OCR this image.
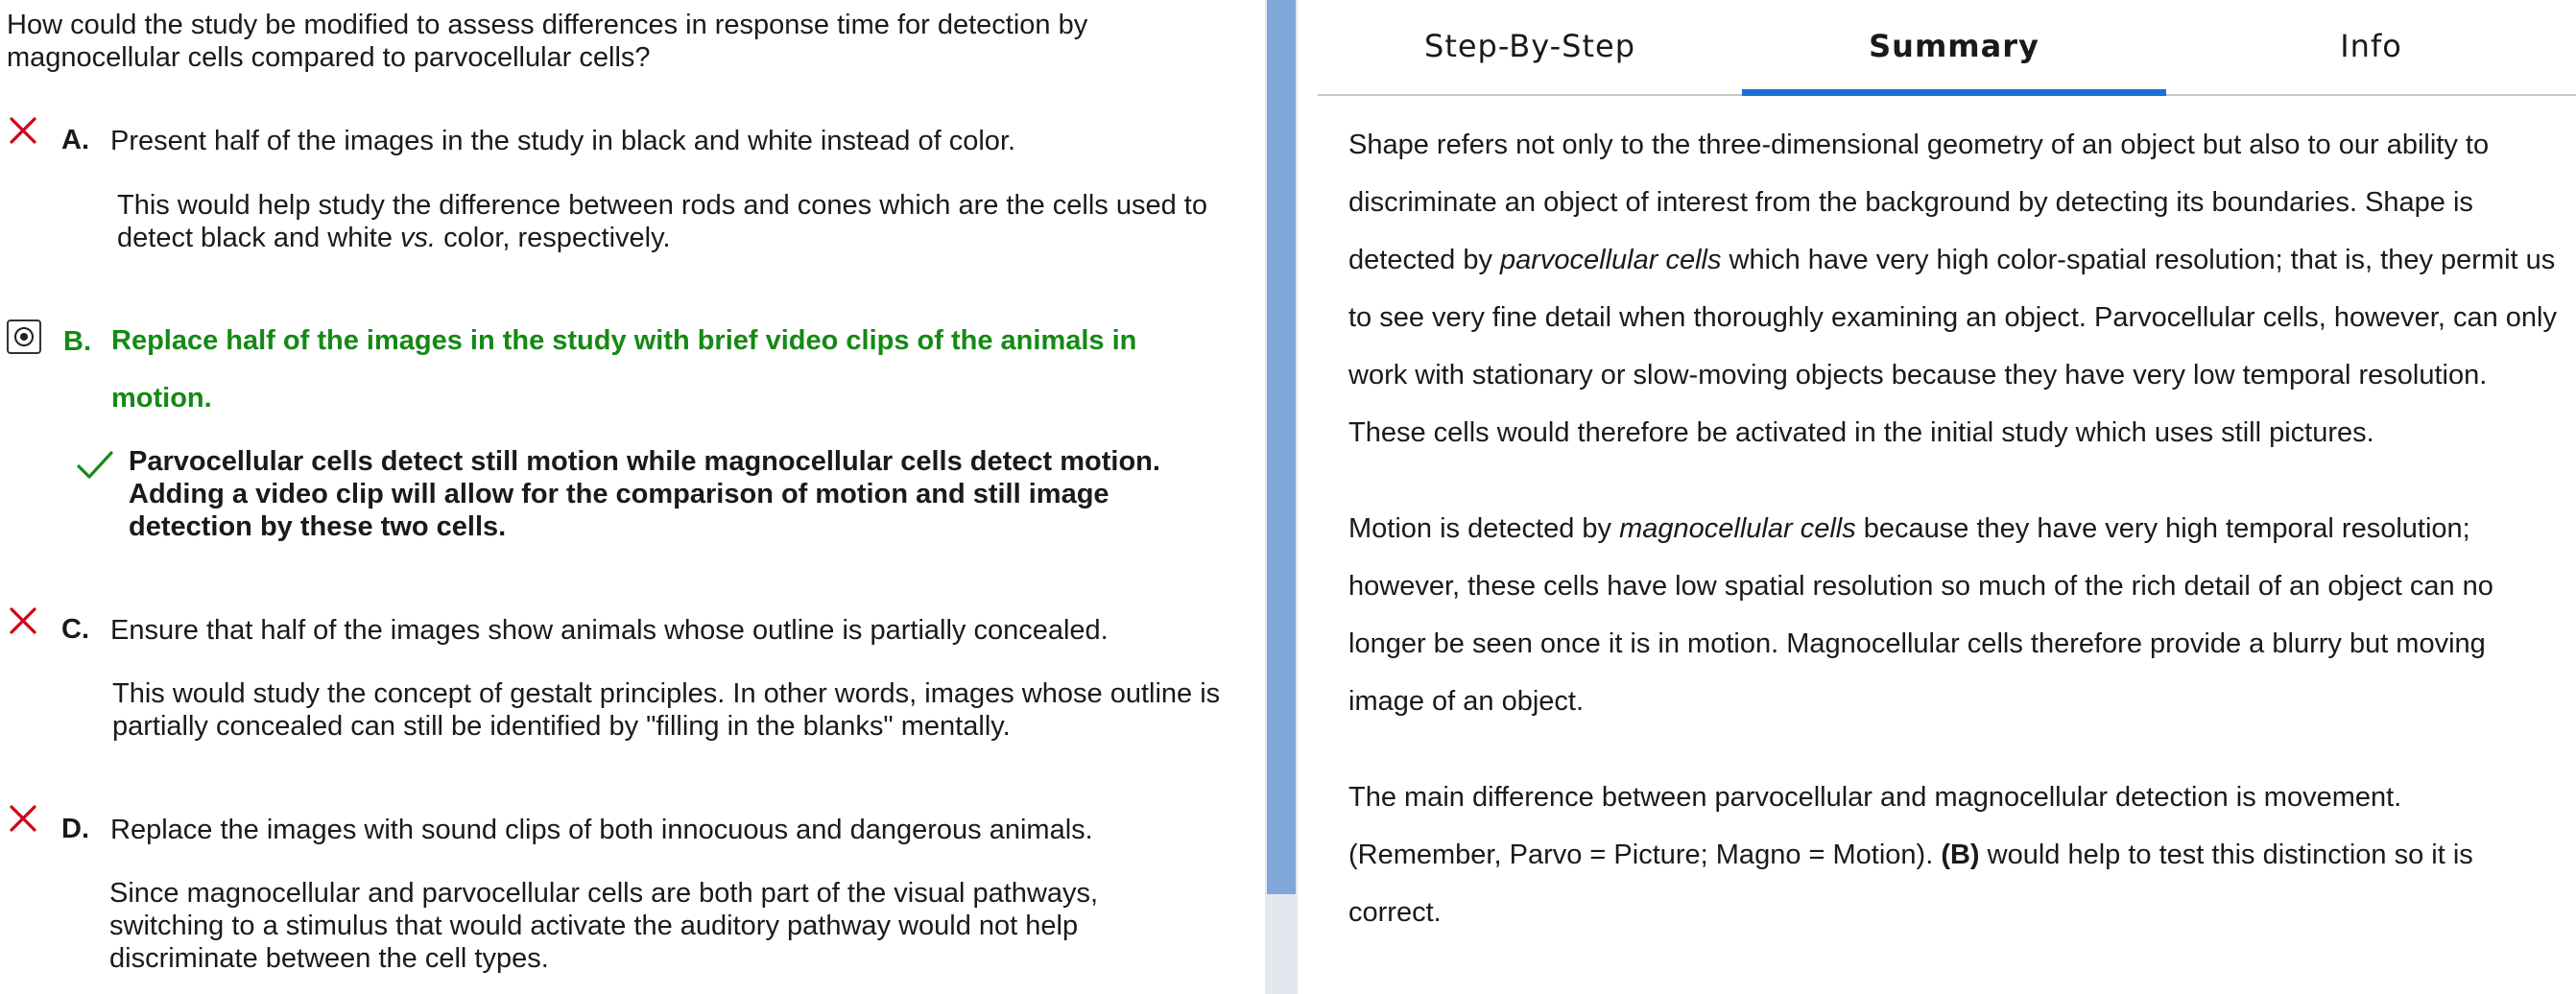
How could the study be modified to assess differences in response time for detection by magnocellular cells compared to parvocellular cells?
A. Present half of the images in the study in black and white instead of color.
This would help study the difference between rods and cones which are the cells used to detect black and white vs. color, respectively.
B. Replace half of the images in the study with brief video clips of the animals in motion.
Parvocellular cells detect still motion while magnocellular cells detect motion. Adding a video clip will allow for the comparison of motion and still image detection by these two cells.
C. Ensure that half of the images show animals whose outline is partially concealed.
This would study the concept of gestalt principles. In other words, images whose outline is partially concealed can still be identified by "filling in the blanks" mentally.
D. Replace the images with sound clips of both innocuous and dangerous animals.
Since magnocellular and parvocellular cells are both part of the visual pathways, switching to a stimulus that would activate the auditory pathway would not help discriminate between the cell types.
Step-By-Step	Summary	Info

Shape refers not only to the three-dimensional geometry of an object but also to our ability to discriminate an object of interest from the background by detecting its boundaries. Shape is detected by parvocellular cells which have very high color-spatial resolution; that is, they permit us to see very fine detail when thoroughly examining an object. Parvocellular cells, however, can only work with stationary or slow-moving objects because they have very low temporal resolution. These cells would therefore be activated in the initial study which uses still pictures.

Motion is detected by magnocellular cells because they have very high temporal resolution; however, these cells have low spatial resolution so much of the rich detail of an object can no longer be seen once it is in motion. Magnocellular cells therefore provide a blurry but moving image of an object.

The main difference between parvocellular and magnocellular detection is movement. (Remember, Parvo = Picture; Magno = Motion). (B) would help to test this distinction so it is correct.
